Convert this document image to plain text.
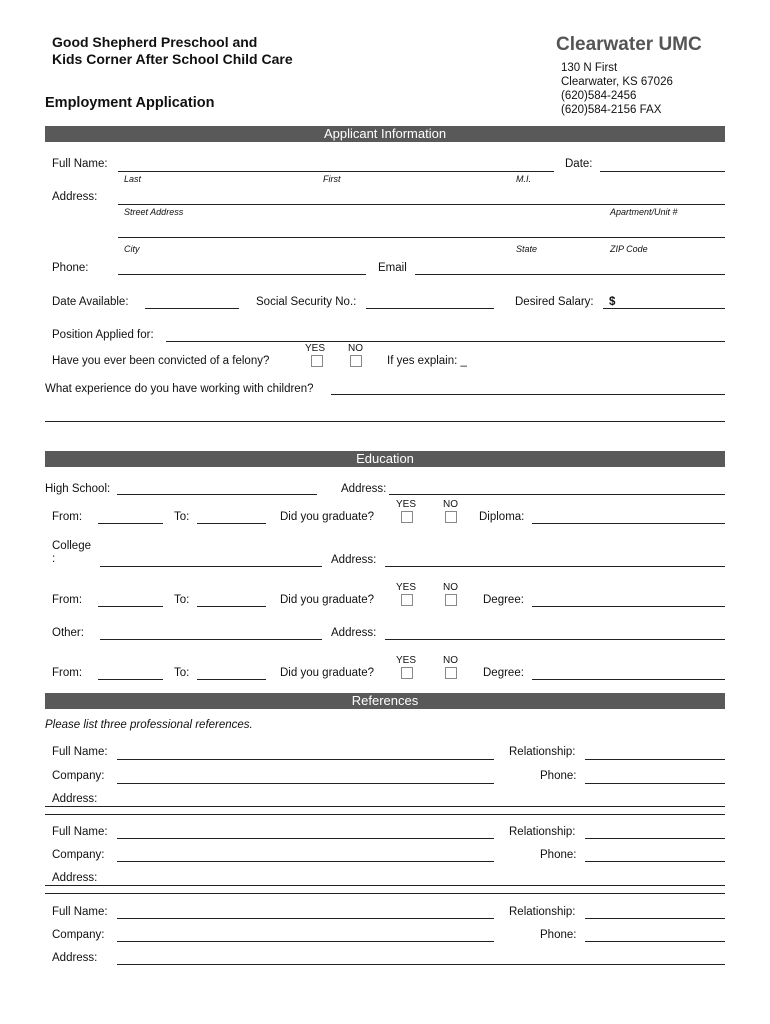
Good Shepherd Preschool and
Kids Corner After School Child Care
Employment Application
Clearwater UMC
130 N First
Clearwater, KS 67026
(620)584-2456
(620)584-2156 FAX
Applicant Information
Full Name:	Date:
Last	First	M.I.
Address:
Street Address	Apartment/Unit #
City	State	ZIP Code
Phone:	Email
Date Available:	Social Security No.:	Desired Salary: $
Position Applied for:
YES NO
Have you ever been convicted of a felony?	If yes explain: _
What experience do you have working with children?
Education
High School:	Address:
YES	NO
From:	To:	Did you graduate?	Diploma:
College
:	Address:
YES	NO
From:	To:	Did you graduate?	Degree:
Other:	Address:
YES	NO
From:	To:	Did you graduate?	Degree:
References
Please list three professional references.
Full Name:	Relationship:
Company:	Phone:
Address:
Full Name:	Relationship:
Company:	Phone:
Address:
Full Name:	Relationship:
Company:	Phone:
Address:
